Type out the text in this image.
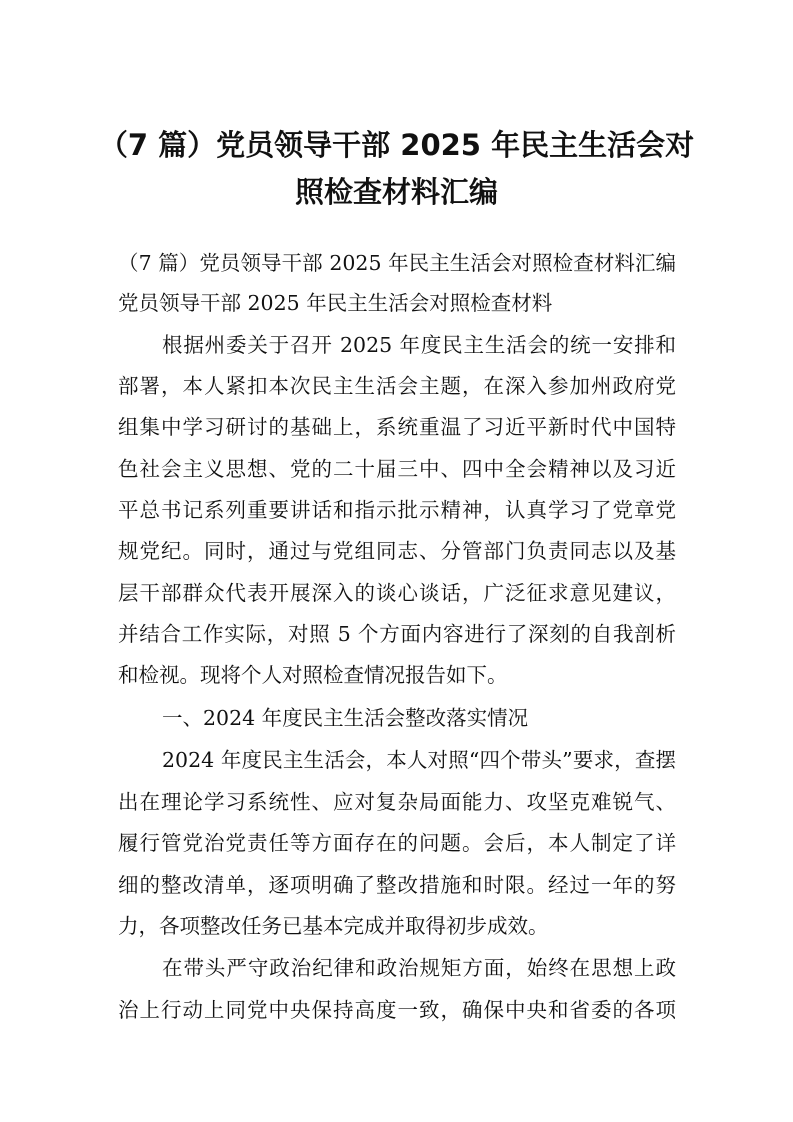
（7 篇）党员领导干部 2025 年民主生活会对
照检查材料汇编
（7 篇）党员领导干部 2025 年民主生活会对照检查材料汇编
党员领导干部 2025 年民主生活会对照检查材料
根据州委关于召开 2025 年度民主生活会的统一安排和
部署，本人紧扣本次民主生活会主题，在深入参加州政府党
组集中学习研讨的基础上，系统重温了习近平新时代中国特
色社会主义思想、党的二十届三中、四中全会精神以及习近
平总书记系列重要讲话和指示批示精神，认真学习了党章党
规党纪。同时，通过与党组同志、分管部门负责同志以及基
层干部群众代表开展深入的谈心谈话，广泛征求意见建议，
并结合工作实际，对照 5 个方面内容进行了深刻的自我剖析
和检视。现将个人对照检查情况报告如下。
一、2024 年度民主生活会整改落实情况
2024 年度民主生活会，本人对照“四个带头”要求，查摆
出在理论学习系统性、应对复杂局面能力、攻坚克难锐气、
履行管党治党责任等方面存在的问题。会后，本人制定了详
细的整改清单，逐项明确了整改措施和时限。经过一年的努
力，各项整改任务已基本完成并取得初步成效。
在带头严守政治纪律和政治规矩方面，始终在思想上政
治上行动上同党中央保持高度一致，确保中央和省委的各项
